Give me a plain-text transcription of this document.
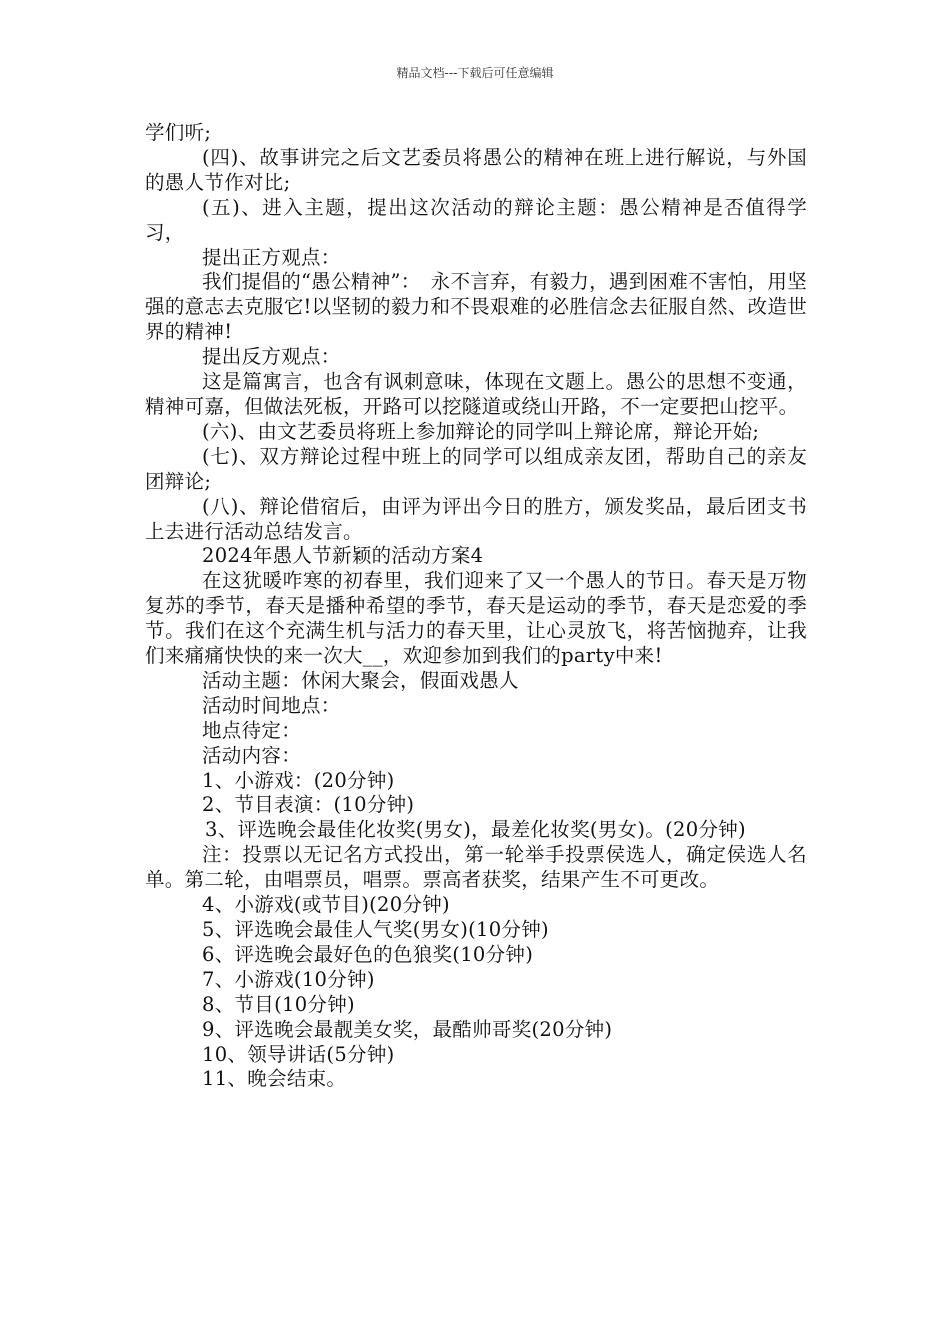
精品文档---下载后可任意编辑

学们听;

(四)、故事讲完之后文艺委员将愚公的精神在班上进行解说，与外国的愚人节作对比;

(五)、进入主题，提出这次活动的辩论主题：愚公精神是否值得学习，

提出正方观点：

我们提倡的“愚公精神”：　永不言弃，有毅力，遇到困难不害怕，用坚强的意志去克服它!以坚韧的毅力和不畏艰难的必胜信念去征服自然、改造世界的精神!

提出反方观点：

这是篇寓言，也含有讽刺意味，体现在文题上。愚公的思想不变通，精神可嘉，但做法死板，开路可以挖隧道或绕山开路，不一定要把山挖平。

(六)、由文艺委员将班上参加辩论的同学叫上辩论席，辩论开始;

(七)、双方辩论过程中班上的同学可以组成亲友团，帮助自己的亲友团辩论;

(八)、辩论借宿后，由评为评出今日的胜方，颁发奖品，最后团支书上去进行活动总结发言。

2024年愚人节新颖的活动方案4

在这犹暖咋寒的初春里，我们迎来了又一个愚人的节日。春天是万物复苏的季节，春天是播种希望的季节，春天是运动的季节，春天是恋爱的季节。我们在这个充满生机与活力的春天里，让心灵放飞，将苦恼抛弃，让我们来痛痛快快的来一次大__，欢迎参加到我们的party中来!

活动主题：休闲大聚会，假面戏愚人

活动时间地点：

地点待定：

活动内容：

1、小游戏：(20分钟)

2、节目表演：(10分钟)

3、评选晚会最佳化妆奖(男女)，最差化妆奖(男女)。(20分钟)

注：投票以无记名方式投出，第一轮举手投票侯选人，确定侯选人名单。第二轮，由唱票员，唱票。票高者获奖，结果产生不可更改。

4、小游戏(或节目)(20分钟)

5、评选晚会最佳人气奖(男女)(10分钟)

6、评选晚会最好色的色狼奖(10分钟)

7、小游戏(10分钟)

8、节目(10分钟)

9、评选晚会最靓美女奖，最酷帅哥奖(20分钟)

10、领导讲话(5分钟)

11、晚会结束。
